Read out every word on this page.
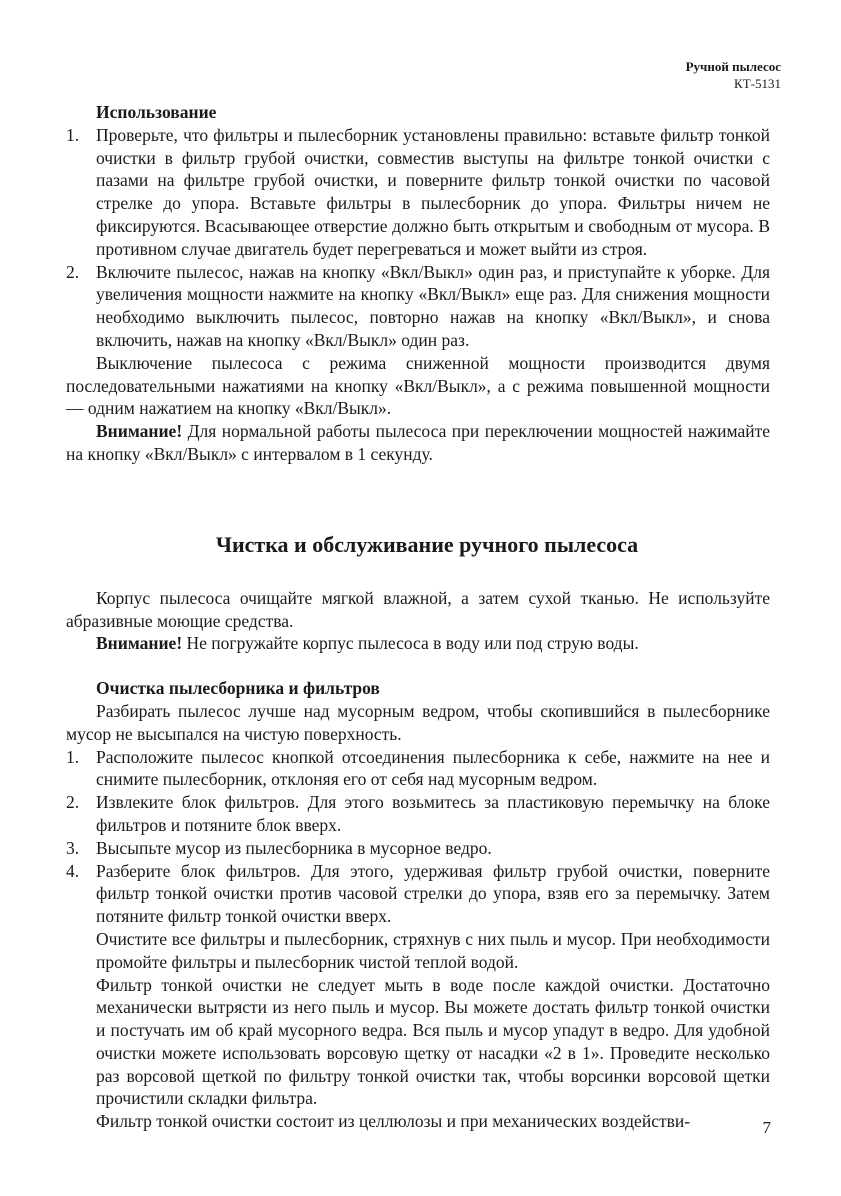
Ручной пылесос
КТ-5131

Использование

1. Проверьте, что фильтры и пылесборник установлены правильно: вставьте фильтр тонкой очистки в фильтр грубой очистки, совместив выступы на фильтре тонкой очистки с пазами на фильтре грубой очистки, и поверните фильтр тонкой очистки по часовой стрелке до упора. Вставьте фильтры в пылесборник до упора. Фильтры ничем не фиксируются. Всасывающее отверстие должно быть открытым и свободным от мусора. В противном случае двигатель будет перегреваться и может выйти из строя.
2. Включите пылесос, нажав на кнопку «Вкл/Выкл» один раз, и приступайте к уборке. Для увеличения мощности нажмите на кнопку «Вкл/Выкл» еще раз. Для снижения мощности необходимо выключить пылесос, повторно нажав на кнопку «Вкл/Выкл», и снова включить, нажав на кнопку «Вкл/Выкл» один раз.

Выключение пылесоса с режима сниженной мощности производится двумя последовательными нажатиями на кнопку «Вкл/Выкл», а с режима повышенной мощности — одним нажатием на кнопку «Вкл/Выкл».

Внимание! Для нормальной работы пылесоса при переключении мощностей нажимайте на кнопку «Вкл/Выкл» с интервалом в 1 секунду.

Чистка и обслуживание ручного пылесоса

Корпус пылесоса очищайте мягкой влажной, а затем сухой тканью. Не используйте абразивные моющие средства.

Внимание! Не погружайте корпус пылесоса в воду или под струю воды.

Очистка пылесборника и фильтров

Разбирать пылесос лучше над мусорным ведром, чтобы скопившийся в пылесборнике мусор не высыпался на чистую поверхность.

1. Расположите пылесос кнопкой отсоединения пылесборника к себе, нажмите на нее и снимите пылесборник, отклоняя его от себя над мусорным ведром.
2. Извлеките блок фильтров. Для этого возьмитесь за пластиковую перемычку на блоке фильтров и потяните блок вверх.
3. Высыпьте мусор из пылесборника в мусорное ведро.
4. Разберите блок фильтров. Для этого, удерживая фильтр грубой очистки, поверните фильтр тонкой очистки против часовой стрелки до упора, взяв его за перемычку. Затем потяните фильтр тонкой очистки вверх.

Очистите все фильтры и пылесборник, стряхнув с них пыль и мусор. При необходимости промойте фильтры и пылесборник чистой теплой водой.

Фильтр тонкой очистки не следует мыть в воде после каждой очистки. Достаточно механически вытрясти из него пыль и мусор. Вы можете достать фильтр тонкой очистки и постучать им об край мусорного ведра. Вся пыль и мусор упадут в ведро. Для удобной очистки можете использовать ворсовую щетку от насадки «2 в 1». Проведите несколько раз ворсовой щеткой по фильтру тонкой очистки так, чтобы ворсинки ворсовой щетки прочистили складки фильтра.

Фильтр тонкой очистки состоит из целлюлозы и при механических воздействи-	7
